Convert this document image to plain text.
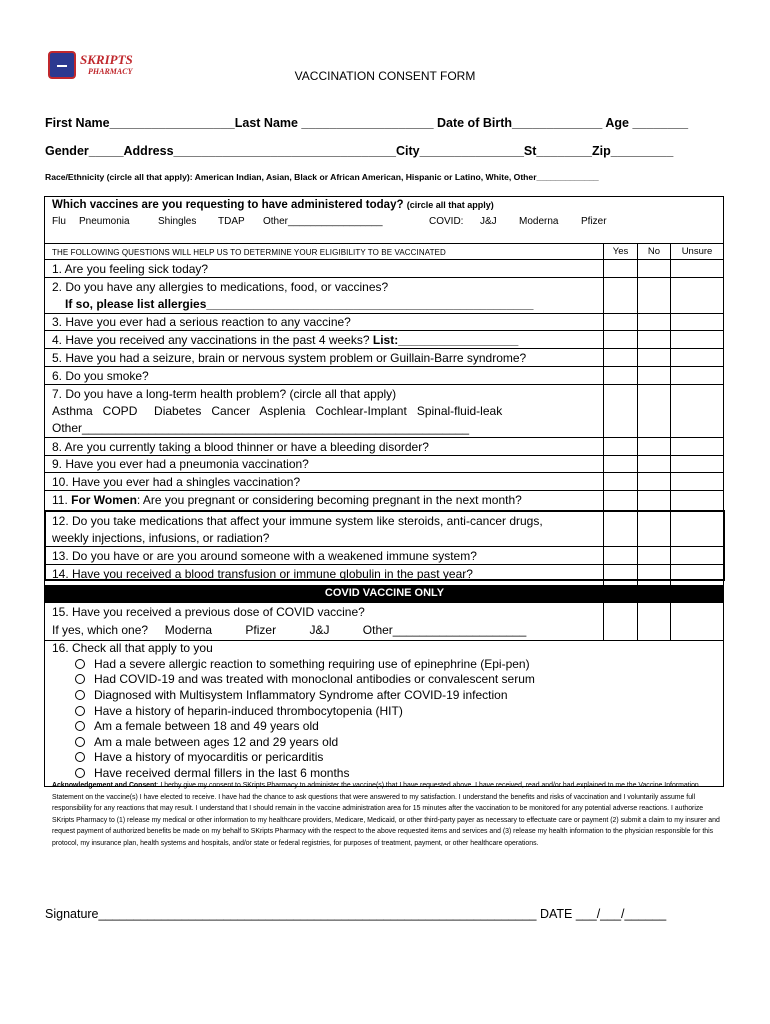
SKRIPTS
PHARMACY	VACCINATION CONSENT FORM
First Name__________________Last Name ___________________ Date of Birth_____________ Age ________
Gender_____Address________________________________City_______________St________Zip_________
Race/Ethnicity (circle all that apply): American Indian, Asian, Black or African American, Hispanic or Latino, White, Other_____________
Which vaccines are you requesting to have administered today? (circle all that apply)
Flu Pneumonia	Shingles TDAP Other_________________	COVID: J&J Moderna Pfizer
THE FOLLOWING QUESTIONS WILL HELP US TO DETERMINE YOUR ELIGIBILITY TO BE VACCINATED	Yes	No	Unsure
1. Are you feeling sick today?
2. Do you have any allergies to medications, food, or vaccines?
If so, please list allergies_________________________________________________
3. Have you ever had a serious reaction to any vaccine?
4. Have you received any vaccinations in the past 4 weeks? List:__________________
5. Have you had a seizure, brain or nervous system problem or Guillain-Barre syndrome?
6. Do you smoke?
7. Do you have a long-term health problem? (circle all that apply)
Asthma   COPD     Diabetes   Cancer   Asplenia   Cochlear-Implant   Spinal-fluid-leak
Other__________________________________________________________
8. Are you currently taking a blood thinner or have a bleeding disorder?
9. Have you ever had a pneumonia vaccination?
10. Have you ever had a shingles vaccination?
11. For Women: Are you pregnant or considering becoming pregnant in the next month?
12. Do you take medications that affect your immune system like steroids, anti-cancer drugs,
weekly injections, infusions, or radiation?
13. Do you have or are you around someone with a weakened immune system?
14. Have you received a blood transfusion or immune globulin in the past year?
COVID VACCINE ONLY
15. Have you received a previous dose of COVID vaccine?
If yes, which one?     Moderna          Pfizer          J&J          Other____________________
16. Check all that apply to you
Had a severe allergic reaction to something requiring use of epinephrine (Epi-pen)
Had COVID-19 and was treated with monoclonal antibodies or convalescent serum
Diagnosed with Multisystem Inflammatory Syndrome after COVID-19 infection
Have a history of heparin-induced thrombocytopenia (HIT)
Am a female between 18 and 49 years old
Am a male between ages 12 and 29 years old
Have a history of myocarditis or pericarditis
Have received dermal fillers in the last 6 months
Acknowledgement and Consent: I herby give my consent to SKripts Pharmacy to administer the vaccine(s) that I have requested above. I have received, read and/or had explained to me the Vaccine Information Statement on the vaccine(s) I have elected to receive. I have had the chance to ask questions that were answered to my satisfaction. I understand the benefits and risks of vaccination and I voluntarily assume full responsibility for any reactions that may result. I understand that I should remain in the vaccine administration area for 15 minutes after the vaccination to be monitored for any potential adverse reactions. I authorize SKripts Pharmacy to (1) release my medical or other information to my healthcare providers, Medicare, Medicaid, or other third-party payer as necessary to effectuate care or payment (2) submit a claim to my insurer and request payment of authorized benefits be made on my behalf to SKripts Pharmacy with the respect to the above requested items and services and (3) release my health information to the physician responsible for this protocol, my insurance plan, health systems and hospitals, and/or state or federal registries, for purposes of treatment, payment, or other healthcare operations.
Signature_______________________________________________________________ DATE ___/___/______
